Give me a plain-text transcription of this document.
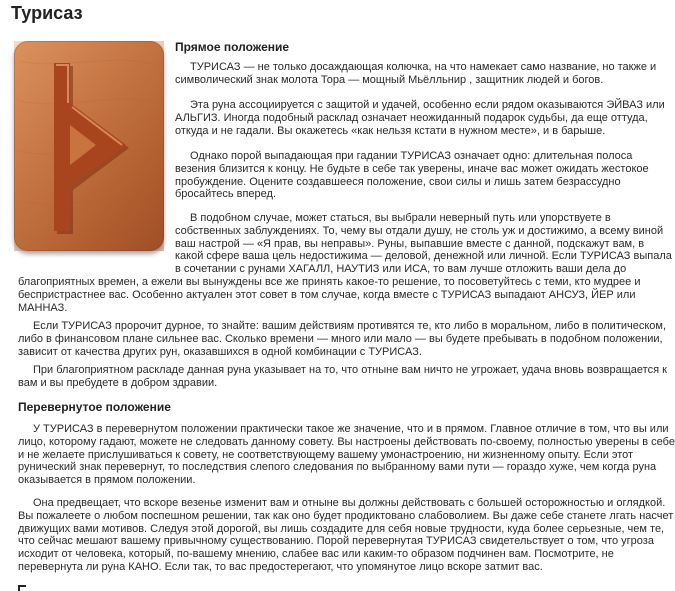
Турисаз
Прямое положение
ТУРИСАЗ — не только досаждающая колючка, на что намекает само название, но также и
символический знак молота Тора — мощный Мьёлльнир , защитник людей и богов.
Эта руна ассоциируется с защитой и удачей, особенно если рядом оказываются ЭЙВАЗ или
АЛЬГИЗ. Иногда подобный расклад означает неожиданный подарок судьбы, да еще оттуда,
откуда и не гадали. Вы окажетесь «как нельзя кстати в нужном месте», и в барыше.
Однако порой выпадающая при гадании ТУРИСАЗ означает одно: длительная полоса
везения близится к концу. Не будьте в себе так уверены, иначе вас может ожидать жестокое
пробуждение. Оцените создавшееся положение, свои силы и лишь затем безрассудно
бросайтесь вперед.
В подобном случае, может статься, вы выбрали неверный путь или упорствуете в
собственных заблуждениях. То, чему вы отдали душу, не столь уж и достижимо, а всему виной
ваш настрой — «Я прав, вы неправы». Руны, выпавшие вместе с данной, подскажут вам, в
какой сфере ваша цель недостижима — деловой, денежной или личной. Если ТУРИСАЗ выпала
в сочетании с рунами ХАГАЛЛ, НАУТИЗ или ИСА, то вам лучше отложить ваши дела до
благоприятных времен, а ежели вы вынуждены все же принять какое-то решение, то посоветуйтесь с теми, кто мудрее и
беспристрастнее вас. Особенно актуален этот совет в том случае, когда вместе с ТУРИСАЗ выпадают АНСУЗ, ЙЕР или
МАННАЗ.
Если ТУРИСАЗ пророчит дурное, то знайте: вашим действиям противятся те, кто либо в моральном, либо в политическом,
либо в финансовом плане сильнее вас. Сколько времени — много или мало — вы будете пребывать в подобном положении,
зависит от качества других рун, оказавшихся в одной комбинации с ТУРИСАЗ.
При благоприятном раскладе данная руна указывает на то, что отныне вам ничто не угрожает, удача вновь возвращается к
вам и вы пребудете в добром здравии.
Перевернутое положение
У ТУРИСАЗ в перевернутом положении практически такое же значение, что и в прямом. Главное отличие в том, что вы или
лицо, которому гадают, можете не следовать данному совету. Вы настроены действовать по-своему, полностью уверены в себе
и не желаете прислушиваться к совету, не соответствующему вашему умонастроению, ни жизненному опыту. Если этот
рунический знак перевернут, то последствия слепого следования по выбранному вами пути — гораздо хуже, чем когда руна
оказывается в прямом положении.
Она предвещает, что вскоре везенье изменит вам и отныне вы должны действовать с большей осторожностью и оглядкой.
Вы пожалеете о любом поспешном решении, так как оно будет продиктовано слабоволием. Вы даже себе станете лгать насчет
движущих вами мотивов. Следуя этой дорогой, вы лишь создадите для себя новые трудности, куда более серьезные, чем те,
что сейчас мешают вашему привычному существованию. Порой перевернутая ТУРИСАЗ свидетельствует о том, что угроза
исходит от человека, который, по-вашему мнению, слабее вас или каким-то образом подчинен вам. Посмотрите, не
перевернута ли руна КАНО. Если так, то вас предостерегают, что упомянутое лицо вскоре затмит вас.
